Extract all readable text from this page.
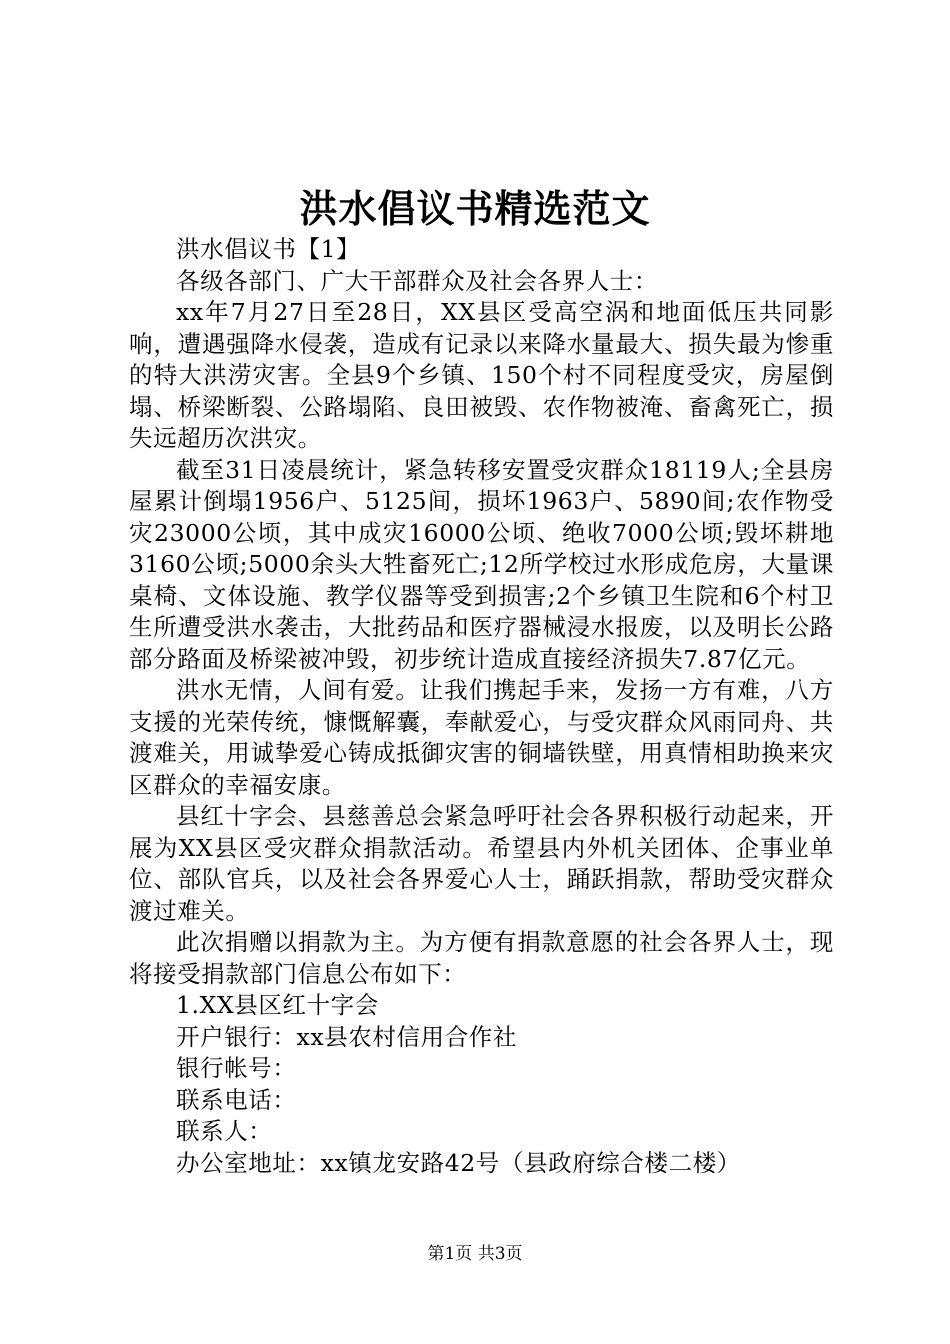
洪水倡议书精选范文

洪水倡议书【1】

各级各部门、广大干部群众及社会各界人士：

xx年7月27日至28日，XX县区受高空涡和地面低压共同影响，遭遇强降水侵袭，造成有记录以来降水量最大、损失最为惨重的特大洪涝灾害。全县9个乡镇、150个村不同程度受灾，房屋倒塌、桥梁断裂、公路塌陷、良田被毁、农作物被淹、畜禽死亡，损失远超历次洪灾。

截至31日凌晨统计，紧急转移安置受灾群众18119人;全县房屋累计倒塌1956户、5125间，损坏1963户、5890间;农作物受灾23000公顷，其中成灾16000公顷、绝收7000公顷;毁坏耕地3160公顷;5000余头大牲畜死亡;12所学校过水形成危房，大量课桌椅、文体设施、教学仪器等受到损害;2个乡镇卫生院和6个村卫生所遭受洪水袭击，大批药品和医疗器械浸水报废，以及明长公路部分路面及桥梁被冲毁，初步统计造成直接经济损失7.87亿元。

洪水无情，人间有爱。让我们携起手来，发扬一方有难，八方支援的光荣传统，慷慨解囊，奉献爱心，与受灾群众风雨同舟、共渡难关，用诚挚爱心铸成抵御灾害的铜墙铁壁，用真情相助换来灾区群众的幸福安康。

县红十字会、县慈善总会紧急呼吁社会各界积极行动起来，开展为XX县区受灾群众捐款活动。希望县内外机关团体、企事业单位、部队官兵，以及社会各界爱心人士，踊跃捐款，帮助受灾群众渡过难关。

此次捐赠以捐款为主。为方便有捐款意愿的社会各界人士，现将接受捐款部门信息公布如下：

1.XX县区红十字会

开户银行：xx县农村信用合作社

银行帐号：

联系电话：

联系人：

办公室地址：xx镇龙安路42号（县政府综合楼二楼）

第1页 共3页
